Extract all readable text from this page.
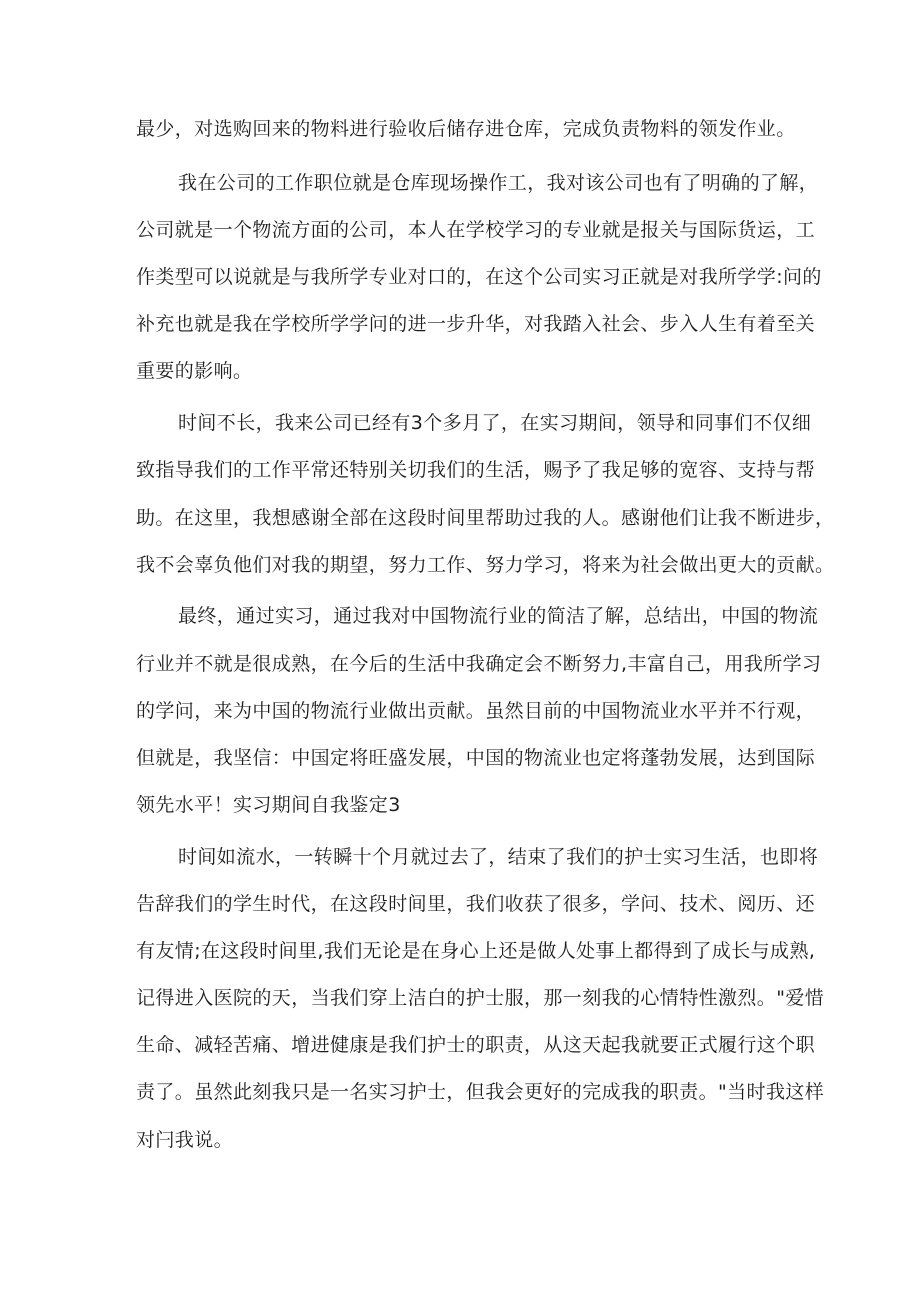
最少，对选购回来的物料进行验收后储存进仓库，完成负责物料的领发作业。

我在公司的工作职位就是仓库现场操作工，我对该公司也有了明确的了解，

公司就是一个物流方面的公司，本人在学校学习的专业就是报关与国际货运，工

作类型可以说就是与我所学专业对口的，在这个公司实习正就是对我所学学:问的

补充也就是我在学校所学学问的进一步升华，对我踏入社会、步入人生有着至关

重要的影响。

时间不长，我来公司已经有3个多月了，在实习期间，领导和同事们不仅细

致指导我们的工作平常还特别关切我们的生活，赐予了我足够的宽容、支持与帮

助。在这里，我想感谢全部在这段时间里帮助过我的人。感谢他们让我不断进步，

我不会辜负他们对我的期望，努力工作、努力学习，将来为社会做出更大的贡献。

最终，通过实习，通过我对中国物流行业的简洁了解，总结出，中国的物流

行业并不就是很成熟，在今后的生活中我确定会不断努力,丰富自己，用我所学习

的学问，来为中国的物流行业做出贡献。虽然目前的中国物流业水平并不行观，

但就是，我坚信：中国定将旺盛发展，中国的物流业也定将蓬勃发展，达到国际

领先水平！实习期间自我鉴定3

时间如流水，一转瞬十个月就过去了，结束了我们的护士实习生活，也即将

告辞我们的学生时代，在这段时间里，我们收获了很多，学问、技术、阅历、还

有友情;在这段时间里,我们无论是在身心上还是做人处事上都得到了成长与成熟,

记得进入医院的天，当我们穿上洁白的护士服，那一刻我的心情特性激烈。"爱惜

生命、减轻苦痛、增进健康是我们护士的职责，从这天起我就要正式履行这个职

责了。虽然此刻我只是一名实习护士，但我会更好的完成我的职责。"当时我这样

对闩我说。
